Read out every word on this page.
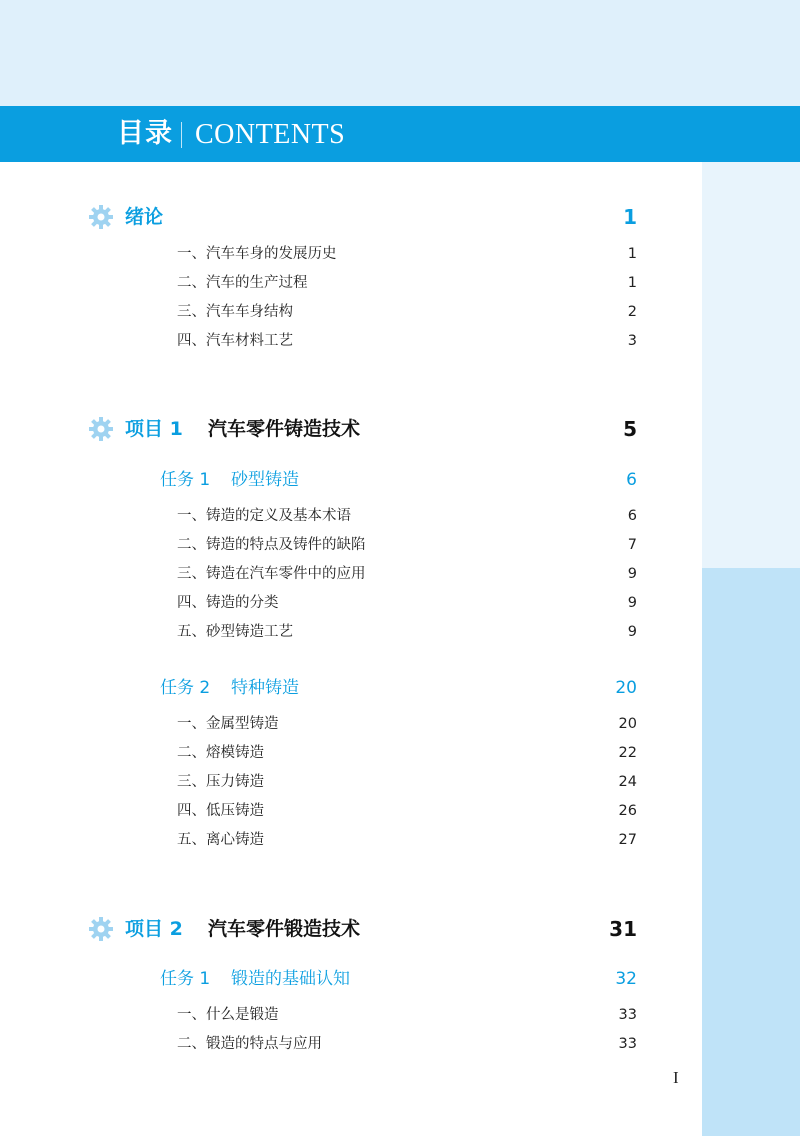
目录 CONTENTS
绪论	1
一、汽车车身的发展历史	1
二、汽车的生产过程	1
三、汽车车身结构	2
四、汽车材料工艺	3
项目 1 汽车零件铸造技术	5
任务 1 砂型铸造	6
一、铸造的定义及基本术语	6
二、铸造的特点及铸件的缺陷	7
三、铸造在汽车零件中的应用	9
四、铸造的分类	9
五、砂型铸造工艺	9
任务 2 特种铸造	20
一、金属型铸造	20
二、熔模铸造	22
三、压力铸造	24
四、低压铸造	26
五、离心铸造	27
项目 2 汽车零件锻造技术	31
任务 1 锻造的基础认知	32
一、什么是锻造	33
二、锻造的特点与应用	33
I
